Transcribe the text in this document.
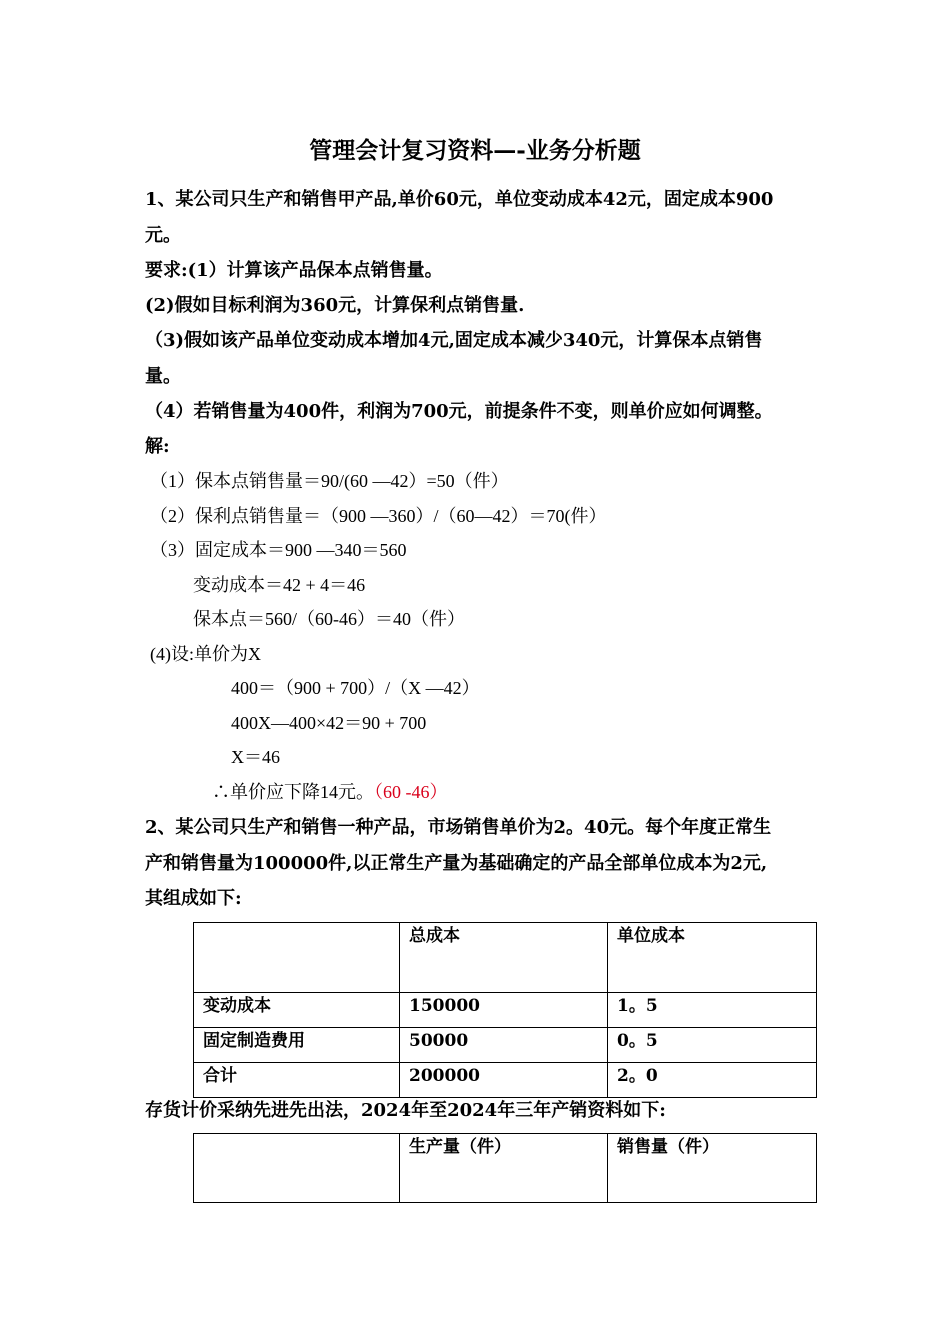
管理会计复习资料—-业务分析题
1、某公司只生产和销售甲产品,单价60元，单位变动成本42元，固定成本900
元。
要求:(1）计算该产品保本点销售量。
(2)假如目标利润为360元，计算保利点销售量.
（3)假如该产品单位变动成本增加4元,固定成本减少340元，计算保本点销售
量。
（4）若销售量为400件，利润为700元，前提条件不变，则单价应如何调整。
解:
（1）保本点销售量＝90/(60 —42）=50（件）
（2）保利点销售量＝（900 —360）/（60—42）＝70(件）
（3）固定成本＝900 —340＝560
变动成本＝42 + 4＝46
保本点＝560/（60-46）＝40（件）
(4)设:单价为X
400＝（900 + 700）/（X —42）
400X—400×42＝90 + 700
X＝46
∴单价应下降14元。（60 -46）
2、某公司只生产和销售一种产品，市场销售单价为2。40元。每个年度正常生
产和销售量为100000件,以正常生产量为基础确定的产品全部单位成本为2元,
其组成如下:
	总成本	单位成本
变动成本	150000	1。5
固定制造费用	50000	0。5
合计	200000	2。0
存货计价采纳先进先出法，2024年至2024年三年产销资料如下:
	生产量（件）	销售量（件）
